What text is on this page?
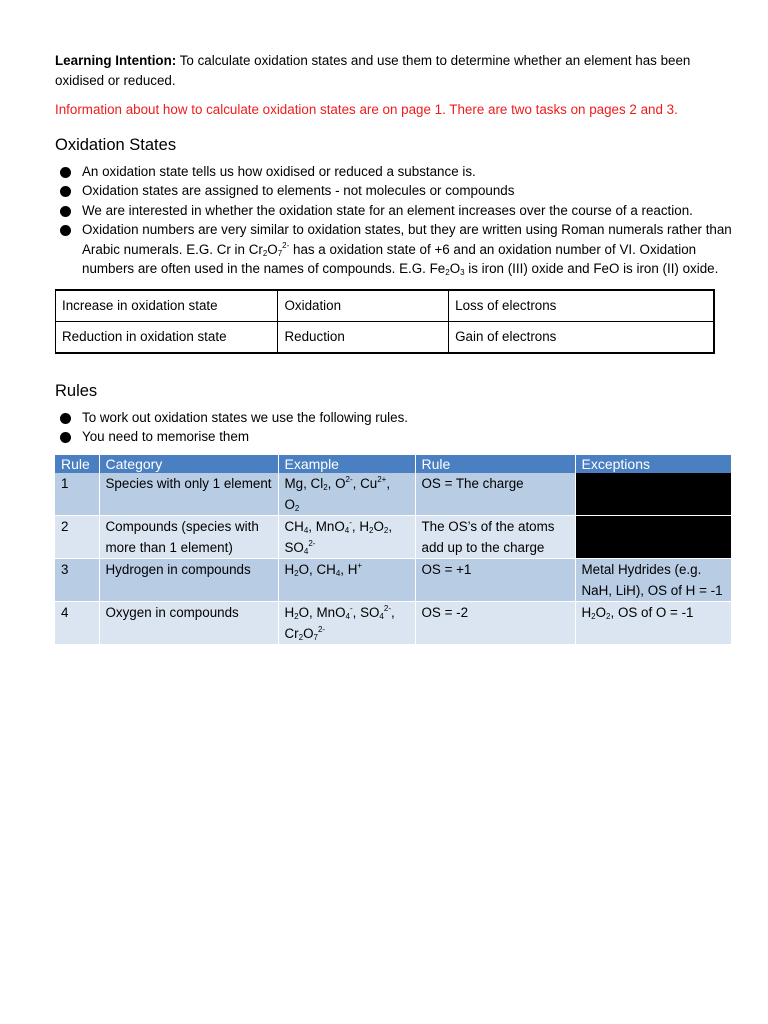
Learning Intention: To calculate oxidation states and use them to determine whether an element has been oxidised or reduced.

Information about how to calculate oxidation states are on page 1. There are two tasks on pages 2 and 3.

Oxidation States
An oxidation state tells us how oxidised or reduced a substance is.
Oxidation states are assigned to elements - not molecules or compounds
We are interested in whether the oxidation state for an element increases over the course of a reaction.
Oxidation numbers are very similar to oxidation states, but they are written using Roman numerals rather than Arabic numerals. E.G. Cr in $Cr_2O_7^{2-}$ has a oxidation state of +6 and an oxidation number of VI. Oxidation numbers are often used in the names of compounds. E.G. $Fe_2O_3$ is iron (III) oxide and FeO is iron (II) oxide.
Increase in oxidation state	Oxidation	Loss of electrons
Reduction in oxidation state	Reduction	Gain of electrons
Rules
To work out oxidation states we use the following rules.
You need to memorise them
Rule	Category	Example	Rule	Exceptions
1	Species with only 1 element	Mg, $Cl_2$, $O^{2-}$, $Cu^{2+}$, $O_2$	OS = The charge	
2	Compounds (species with more than 1 element)	$CH_4$, MnO$_4$-, $H_2O_2$, $SO_4^{2-}$	The OS’s of the atoms add up to the charge	
3	Hydrogen in compounds	$H_2O$, $CH_4$, H+	OS = +1	Metal Hydrides (e.g. NaH, LiH), OS of H = -1
4	Oxygen in compounds	$H_2O$, MnO$_4$-, $SO_4^{2-}$, $Cr_2O_7^{2-}$	OS = -2	$H_2O_2$, OS of O = -1
